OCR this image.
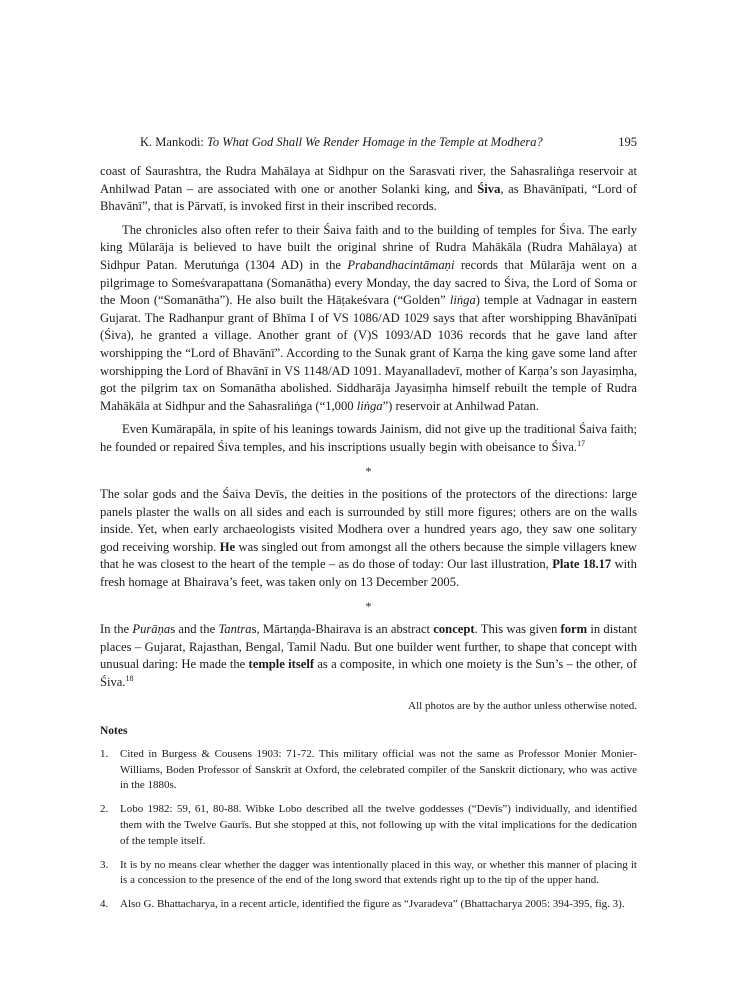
K. Mankodi: To What God Shall We Render Homage in the Temple at Modhera?	195

coast of Saurashtra, the Rudra Mahālaya at Sidhpur on the Sarasvati river, the Sahasraliṅga reservoir at Anhilwad Patan – are associated with one or another Solanki king, and Śiva, as Bhavānīpati, “Lord of Bhavānī”, that is Pārvatī, is invoked first in their inscribed records.

The chronicles also often refer to their Śaiva faith and to the building of temples for Śiva. The early king Mūlarāja is believed to have built the original shrine of Rudra Mahākāla (Rudra Mahālaya) at Sidhpur Patan. Merutuṅga (1304 AD) in the Prabandhacintāmaṇi records that Mūlarāja went on a pilgrimage to Someśvarapattana (Somanātha) every Monday, the day sacred to Śiva, the Lord of Soma or the Moon (“Somanātha”). He also built the Hāṭakeśvara (“Golden” liṅga) temple at Vadnagar in eastern Gujarat. The Radhanpur grant of Bhīma I of VS 1086/AD 1029 says that after worshipping Bhavānīpati (Śiva), he granted a village. Another grant of (V)S 1093/AD 1036 records that he gave land after worshipping the “Lord of Bhavānī”. According to the Sunak grant of Karṇa the king gave some land after worshipping the Lord of Bhavānī in VS 1148/AD 1091. Mayanalladevī, mother of Karṇa’s son Jayasiṃha, got the pilgrim tax on Somanātha abolished. Siddharāja Jayasiṃha himself rebuilt the temple of Rudra Mahākāla at Sidhpur and the Sahasraliṅga (“1,000 liṅga”) reservoir at Anhilwad Patan.

Even Kumārapāla, in spite of his leanings towards Jainism, did not give up the traditional Śaiva faith; he founded or repaired Śiva temples, and his inscriptions usually begin with obeisance to Śiva.$^{17}$

*

The solar gods and the Śaiva Devīs, the deities in the positions of the protectors of the directions: large panels plaster the walls on all sides and each is surrounded by still more figures; others are on the walls inside. Yet, when early archaeologists visited Modhera over a hundred years ago, they saw one solitary god receiving worship. He was singled out from amongst all the others because the simple villagers knew that he was closest to the heart of the temple – as do those of today: Our last illustration, Plate 18.17 with fresh homage at Bhairava’s feet, was taken only on 13 December 2005.

*

In the Purāṇas and the Tantras, Mārtaṇḍa-Bhairava is an abstract concept. This was given form in distant places – Gujarat, Rajasthan, Bengal, Tamil Nadu. But one builder went further, to shape that concept with unusual daring: He made the temple itself as a composite, in which one moiety is the Sun’s – the other, of Śiva.$^{18}$

All photos are by the author unless otherwise noted.
Notes
1. Cited in Burgess & Cousens 1903: 71-72. This military official was not the same as Professor Monier Monier-Williams, Boden Professor of Sanskrit at Oxford, the celebrated compiler of the Sanskrit dictionary, who was active in the 1880s.
2. Lobo 1982: 59, 61, 80-88. Wibke Lobo described all the twelve goddesses (“Devīs”) individually, and identified them with the Twelve Gaurīs. But she stopped at this, not following up with the vital implications for the dedication of the temple itself.
3. It is by no means clear whether the dagger was intentionally placed in this way, or whether this manner of placing it is a concession to the presence of the end of the long sword that extends right up to the tip of the upper hand.
4. Also G. Bhattacharya, in a recent article, identified the figure as “Jvaradeva” (Bhattacharya 2005: 394-395, fig. 3).
